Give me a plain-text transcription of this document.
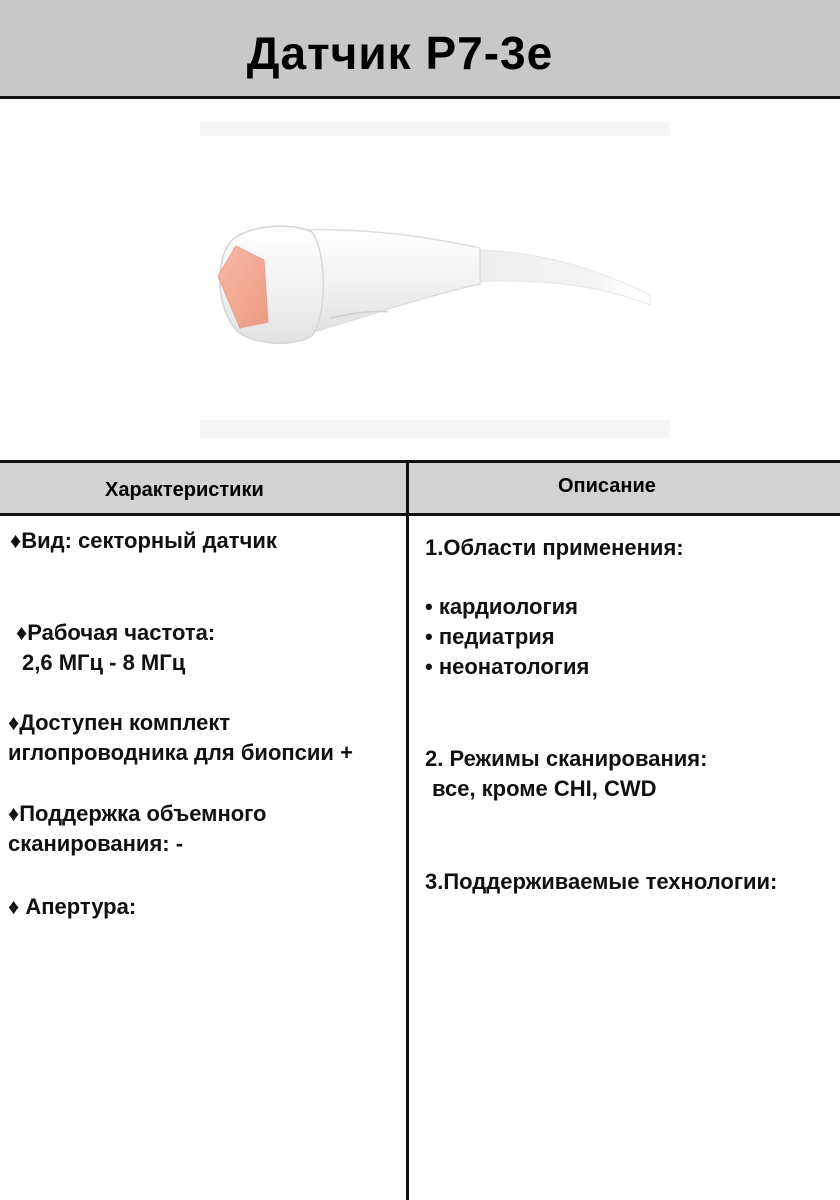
Датчик P7-3e
Характеристики	Описание
♦Вид: секторный датчик
♦Рабочая частота:
2,6 МГц - 8 МГц
♦Доступен комплект
иглопроводника для биопсии +
♦Поддержка объемного
сканирования: -
♦ Апертура:
1.Области применения:
• кардиология
• педиатрия
• неонатология
2. Режимы сканирования:
все, кроме CHI, CWD
3.Поддерживаемые технологии:
